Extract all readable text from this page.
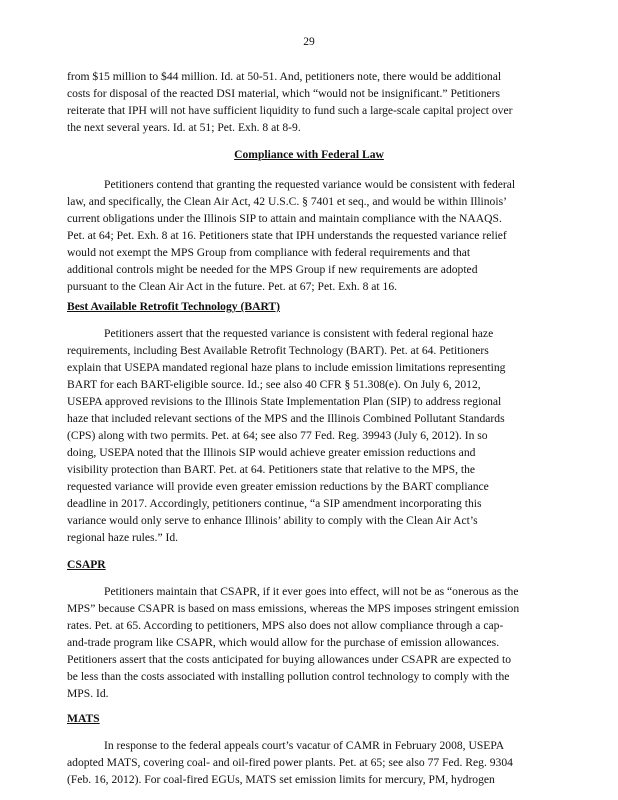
29
from $15 million to $44 million. Id. at 50-51. And, petitioners note, there would be additional
costs for disposal of the reacted DSI material, which “would not be insignificant.” Petitioners
reiterate that IPH will not have sufficient liquidity to fund such a large-scale capital project over
the next several years. Id. at 51; Pet. Exh. 8 at 8-9.
Compliance with Federal Law
Petitioners contend that granting the requested variance would be consistent with federal
law, and specifically, the Clean Air Act, 42 U.S.C. § 7401 et seq., and would be within Illinois’
current obligations under the Illinois SIP to attain and maintain compliance with the NAAQS.
Pet. at 64; Pet. Exh. 8 at 16. Petitioners state that IPH understands the requested variance relief
would not exempt the MPS Group from compliance with federal requirements and that
additional controls might be needed for the MPS Group if new requirements are adopted
pursuant to the Clean Air Act in the future. Pet. at 67; Pet. Exh. 8 at 16.
Best Available Retrofit Technology (BART)
Petitioners assert that the requested variance is consistent with federal regional haze
requirements, including Best Available Retrofit Technology (BART). Pet. at 64. Petitioners
explain that USEPA mandated regional haze plans to include emission limitations representing
BART for each BART-eligible source. Id.; see also 40 CFR § 51.308(e). On July 6, 2012,
USEPA approved revisions to the Illinois State Implementation Plan (SIP) to address regional
haze that included relevant sections of the MPS and the Illinois Combined Pollutant Standards
(CPS) along with two permits. Pet. at 64; see also 77 Fed. Reg. 39943 (July 6, 2012). In so
doing, USEPA noted that the Illinois SIP would achieve greater emission reductions and
visibility protection than BART. Pet. at 64. Petitioners state that relative to the MPS, the
requested variance will provide even greater emission reductions by the BART compliance
deadline in 2017. Accordingly, petitioners continue, “a SIP amendment incorporating this
variance would only serve to enhance Illinois’ ability to comply with the Clean Air Act’s
regional haze rules.” Id.
CSAPR
Petitioners maintain that CSAPR, if it ever goes into effect, will not be as “onerous as the
MPS” because CSAPR is based on mass emissions, whereas the MPS imposes stringent emission
rates. Pet. at 65. According to petitioners, MPS also does not allow compliance through a cap-
and-trade program like CSAPR, which would allow for the purchase of emission allowances.
Petitioners assert that the costs anticipated for buying allowances under CSAPR are expected to
be less than the costs associated with installing pollution control technology to comply with the
MPS. Id.
MATS
In response to the federal appeals court’s vacatur of CAMR in February 2008, USEPA
adopted MATS, covering coal- and oil-fired power plants. Pet. at 65; see also 77 Fed. Reg. 9304
(Feb. 16, 2012). For coal-fired EGUs, MATS set emission limits for mercury, PM, hydrogen
